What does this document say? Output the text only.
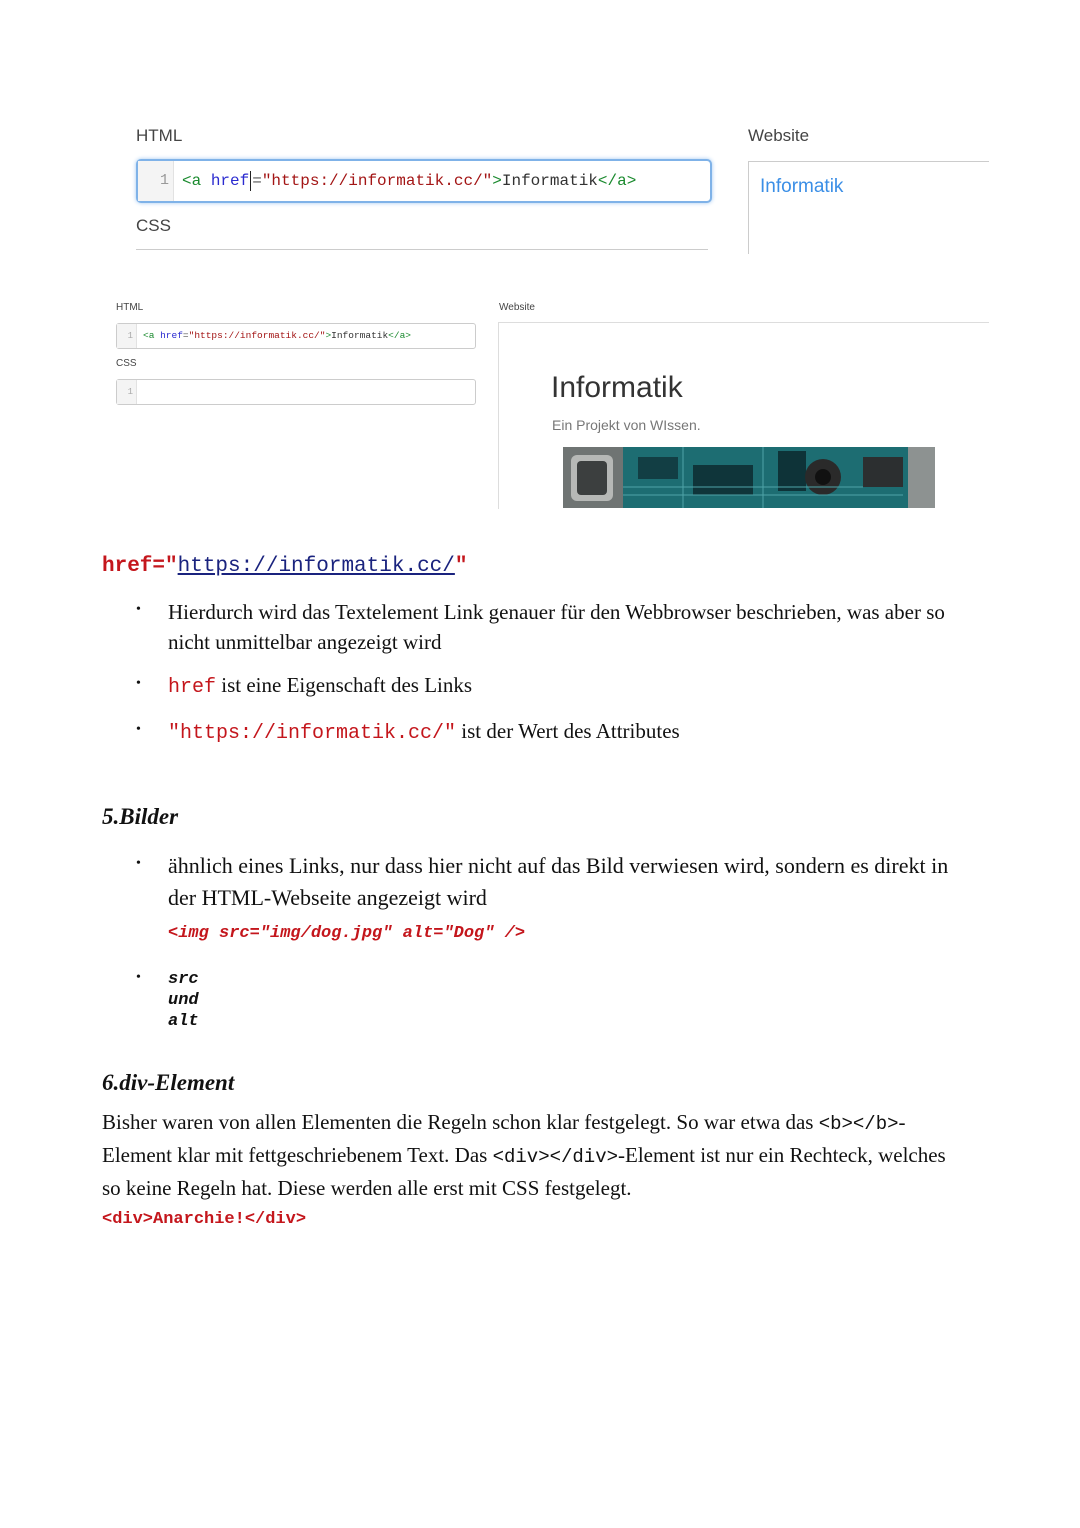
HTML	Website
1 <a href ="https://informatik.cc/">Informatik</a>
CSS
Informatik
HTML	Website
1	<a href="https://informatik.cc/">Informatik</a>
CSS
1	Informatik
Ein Projekt von WIssen.
href="https://informatik.cc/"
• Hierdurch wird das Textelement Link genauer für den Webbrowser beschrieben, was aber so nicht unmittelbar angezeigt wird
• href ist eine Eigenschaft des Links
• "https://informatik.cc/" ist der Wert des Attributes
5.Bilder
• ähnlich eines Links, nur dass hier nicht auf das Bild verwiesen wird, sondern es direkt in der HTML-Webseite angezeigt wird
<img src="img/dog.jpg" alt="Dog" />
• src
und
alt
6.div-Element
Bisher waren von allen Elementen die Regeln schon klar festgelegt. So war etwa das <b></b>-Element klar mit fettgeschriebenem Text. Das <div></div>-Element ist nur ein Rechteck, welches so keine Regeln hat. Diese werden alle erst mit CSS festgelegt.
<div>Anarchie!</div>
